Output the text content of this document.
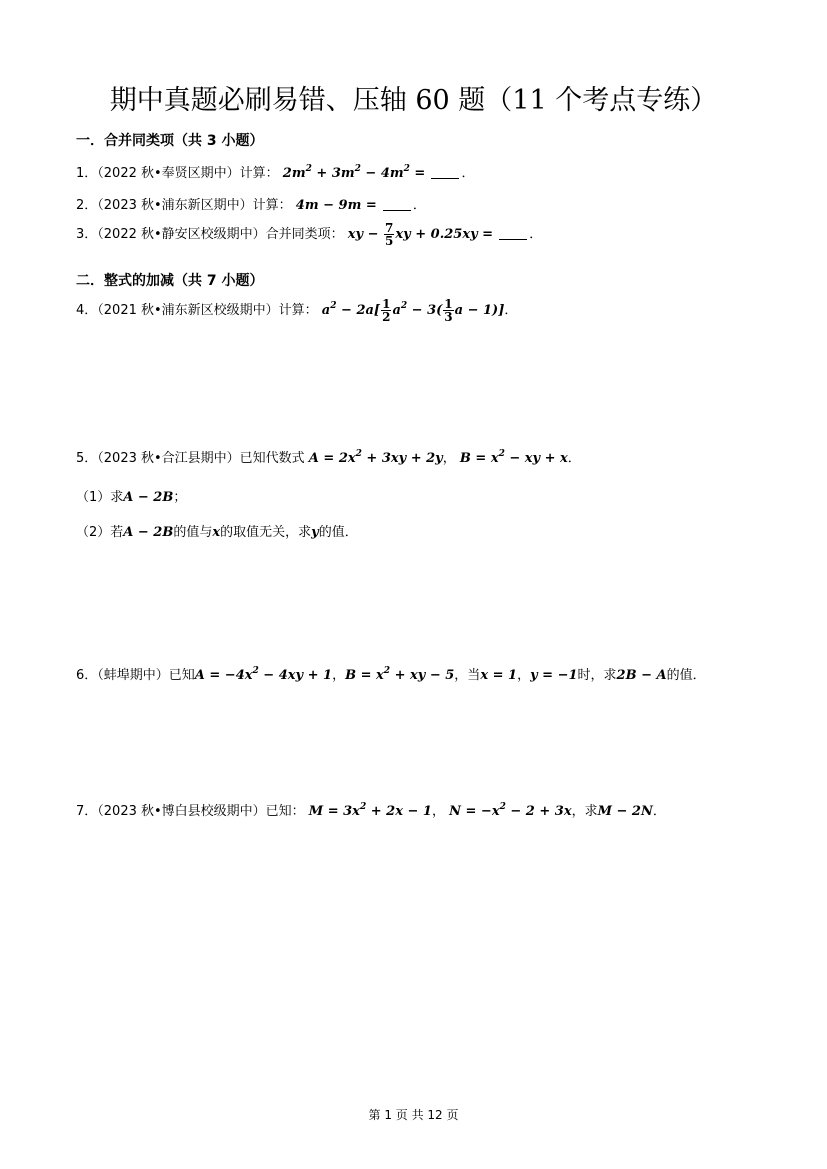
期中真题必刷易错、压轴 60 题（11 个考点专练）
一．合并同类项（共 3 小题）
1．（2022 秋•奉贤区期中）计算： $2m^2 + 3m^2 - 4m^2$ =	．
2．（2023 秋•浦东新区期中）计算： 4m − 9m =	．
3．（2022 秋•静安区校级期中）合并同类项： xy − $\frac{7}{5}$ xy + 0.25xy =	．
二．整式的加减（共 7 小题）
4．（2021 秋•浦东新区校级期中）计算： $a^2 - 2a[ \frac{1}{2} a^2 - 3( \frac{1}{3}$ a − 1)]．
5．（2023 秋•合江县期中）已知代数式 $A = 2x^2 + 3xy + 2y$， $B = x^2$ − xy + x．
（1）求A − 2B；
（2）若A − 2B的值与x的取值无关，求y的值．
6．（蚌埠期中）已知$A = -4x^2 - 4xy + 1$，$B = x^2$ + xy − 5，当x = 1，y = −1时，求2B − A的值．
7．（2023 秋•博白县校级期中）已知： $M = 3x^2 + 2x - 1$， $N = -x^2 - 2 + 3x$，求M − 2N．
第 1 页 共 12 页
